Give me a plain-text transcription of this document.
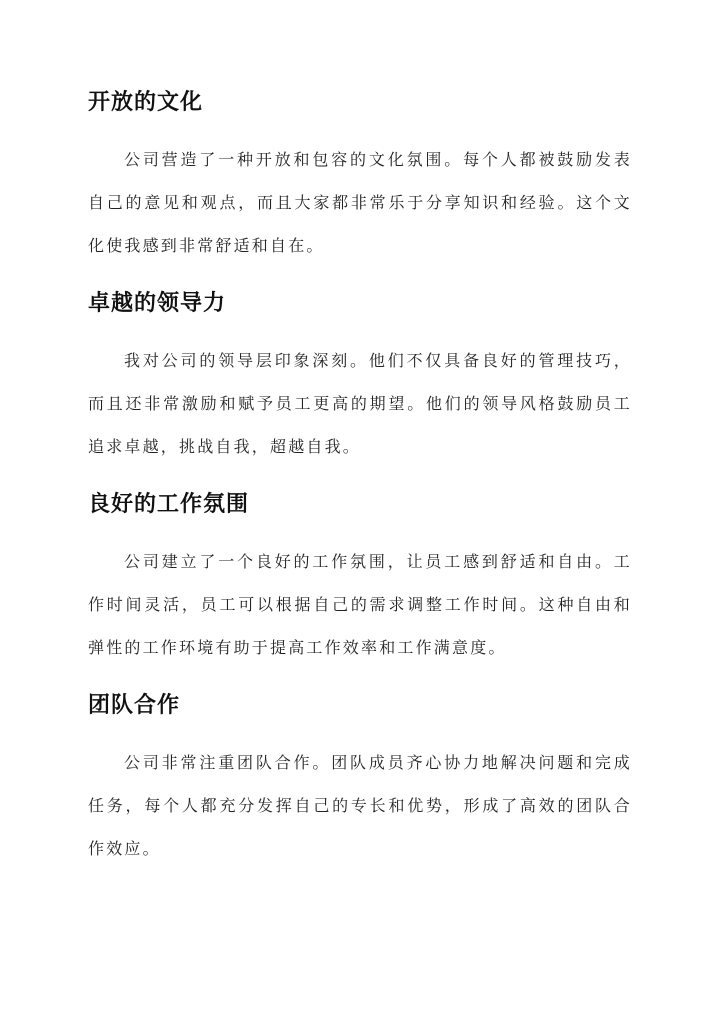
开放的文化

公司营造了一种开放和包容的文化氛围。每个人都被鼓励发表自己的意见和观点，而且大家都非常乐于分享知识和经验。这个文化使我感到非常舒适和自在。

卓越的领导力

我对公司的领导层印象深刻。他们不仅具备良好的管理技巧，而且还非常激励和赋予员工更高的期望。他们的领导风格鼓励员工追求卓越，挑战自我，超越自我。

良好的工作氛围

公司建立了一个良好的工作氛围，让员工感到舒适和自由。工作时间灵活，员工可以根据自己的需求调整工作时间。这种自由和弹性的工作环境有助于提高工作效率和工作满意度。

团队合作

公司非常注重团队合作。团队成员齐心协力地解决问题和完成任务，每个人都充分发挥自己的专长和优势，形成了高效的团队合作效应。
